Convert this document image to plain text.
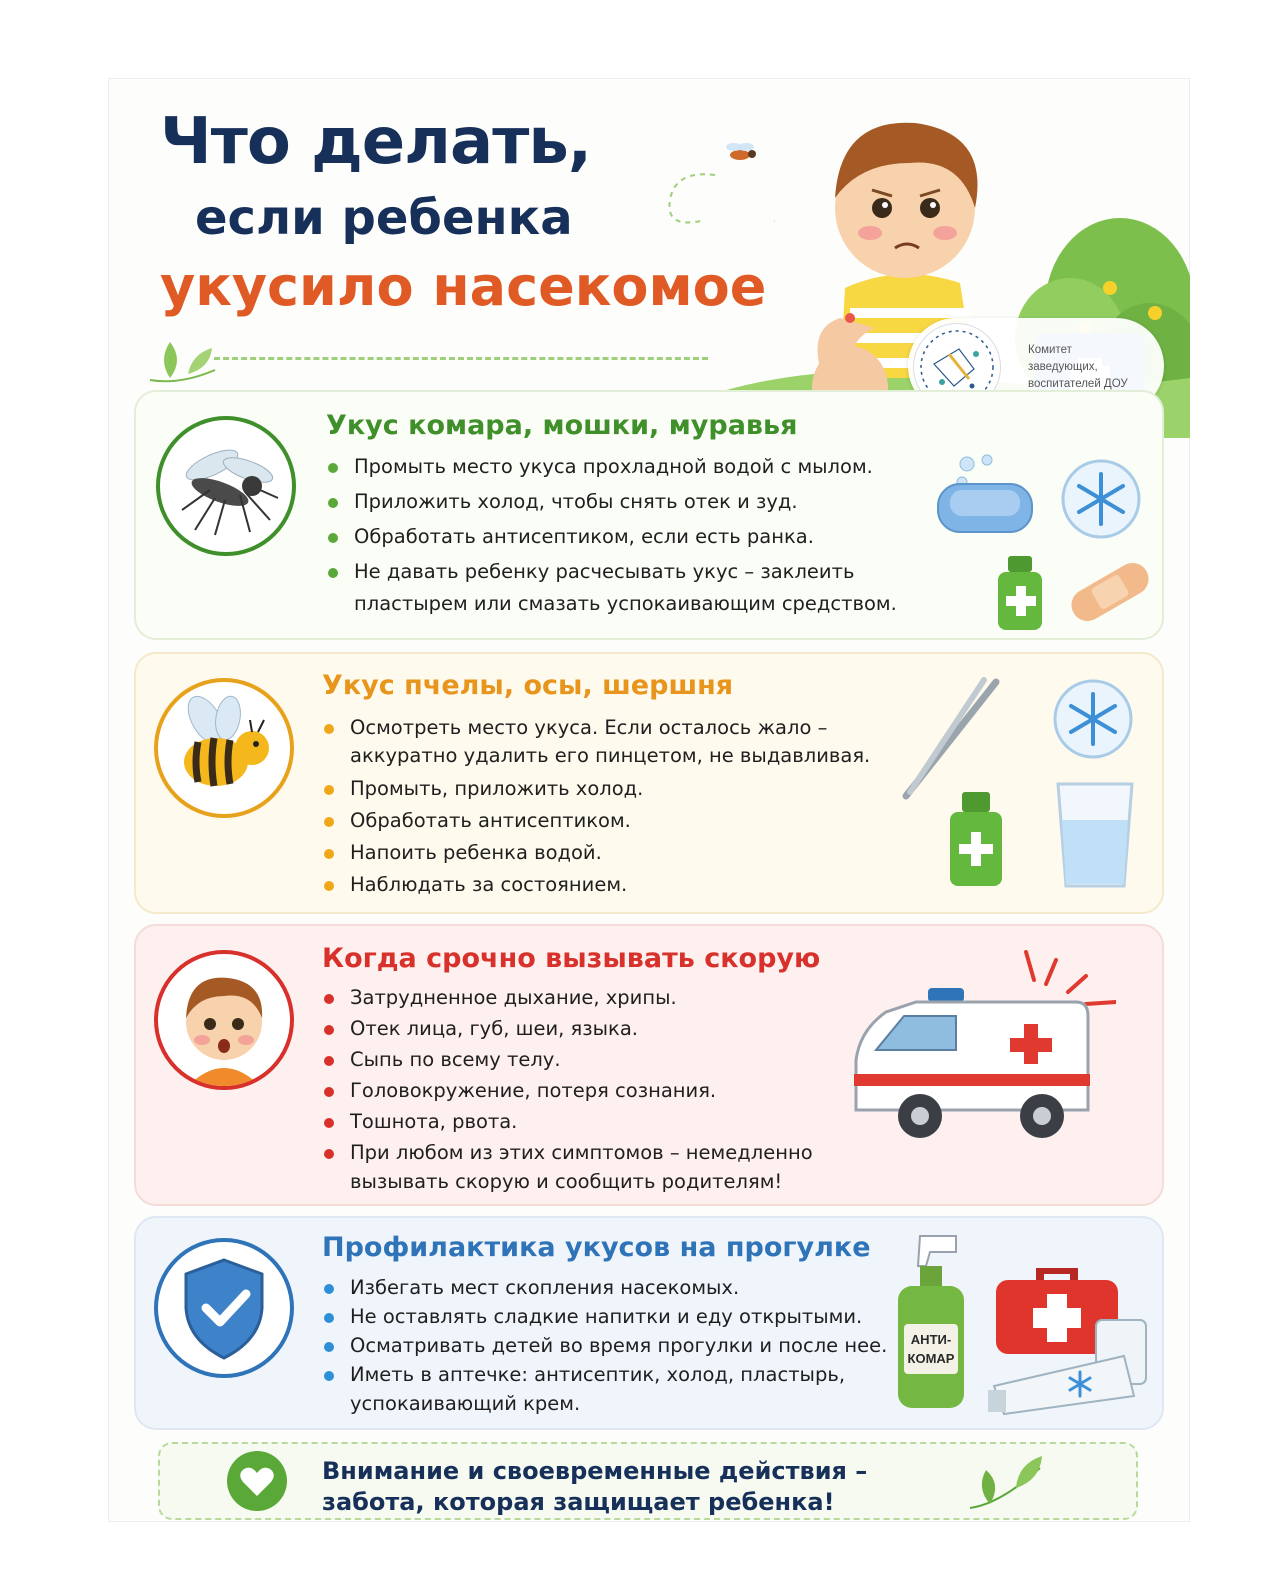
Что делать,
если ребенка
укусило насекомое
Комитет
заведующих,
воспитателей ДОУ
Укус комара, мошки, муравья
Промыть место укуса прохладной водой с мылом.
Приложить холод, чтобы снять отек и зуд.
Обработать антисептиком, если есть ранка.
Не давать ребенку расчесывать укус – заклеить
пластырем или смазать успокаивающим средством.
Укус пчелы, осы, шершня
Осмотреть место укуса. Если осталось жало –
аккуратно удалить его пинцетом, не выдавливая.
Промыть, приложить холод.
Обработать антисептиком.
Напоить ребенка водой.
Наблюдать за состоянием.
Когда срочно вызывать скорую
Затрудненное дыхание, хрипы.
Отек лица, губ, шеи, языка.
Сыпь по всему телу.
Головокружение, потеря сознания.
Тошнота, рвота.
При любом из этих симптомов – немедленно
вызывать скорую и сообщить родителям!
Профилактика укусов на прогулке
Избегать мест скопления насекомых.
Не оставлять сладкие напитки и еду открытыми.
Осматривать детей во время прогулки и после нее.
Иметь в аптечке: антисептик, холод, пластырь,
успокаивающий крем.
АНТИ-
КОМАР
Внимание и своевременные действия –
забота, которая защищает ребенка!
